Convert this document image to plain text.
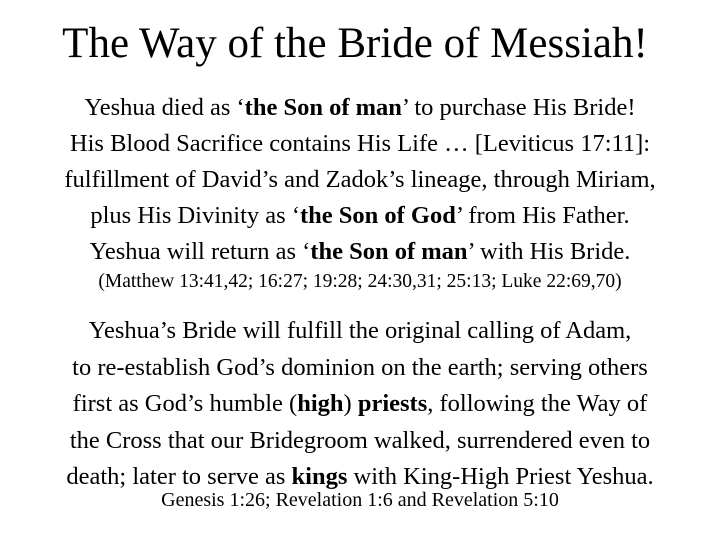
The Way of the Bride of Messiah!
Yeshua died as ‘the Son of man’ to purchase His Bride!
His Blood Sacrifice contains His Life … [Leviticus 17:11]:
fulfillment of David’s and Zadok’s lineage, through Miriam,
plus His Divinity as ‘the Son of God’ from His Father.
Yeshua will return as ‘the Son of man’ with His Bride.
(Matthew 13:41,42; 16:27; 19:28; 24:30,31; 25:13; Luke 22:69,70)
Yeshua’s Bride will fulfill the original calling of Adam,
to re-establish God’s dominion on the earth; serving others
first as God’s humble (high) priests, following the Way of
the Cross that our Bridegroom walked, surrendered even to
death; later to serve as kings with King-High Priest Yeshua.
Genesis 1:26; Revelation 1:6 and Revelation 5:10
